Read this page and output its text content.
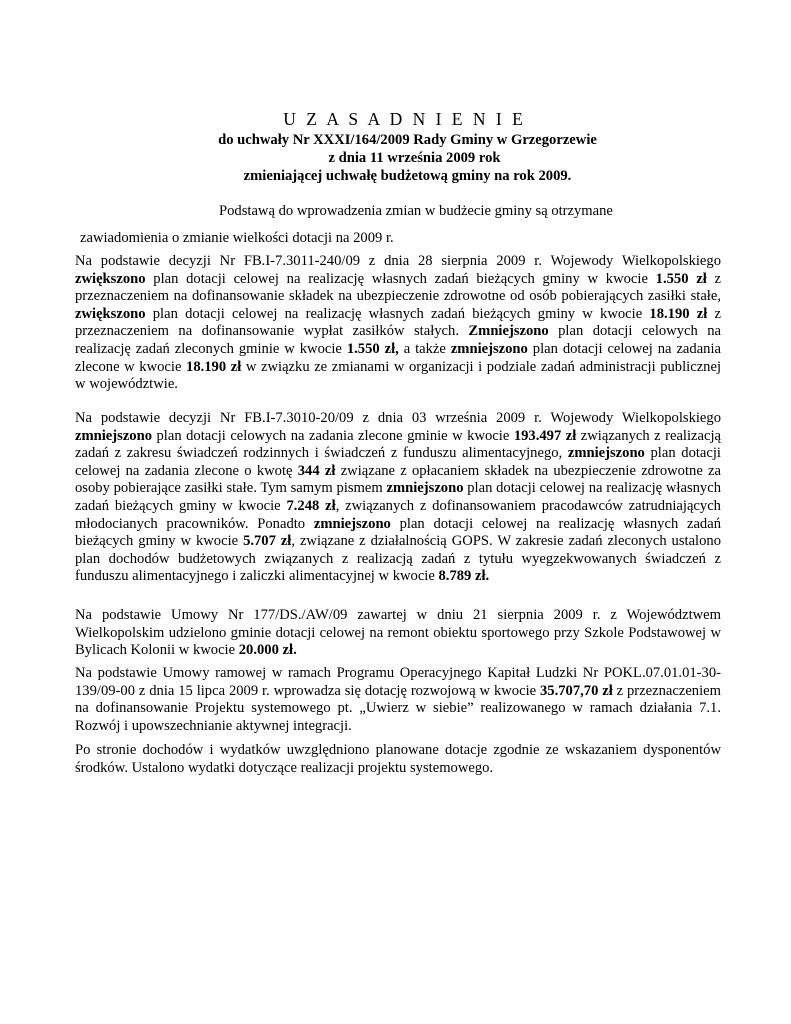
U Z A S A D N I E N I E
do uchwały Nr XXXI/164/2009 Rady Gminy w Grzegorzewie
z dnia 11 września 2009 rok
zmieniającej uchwałę budżetową gminy na rok 2009.
Podstawą do wprowadzenia zmian w budżecie gminy są otrzymane
zawiadomienia o zmianie wielkości dotacji na 2009 r.

Na podstawie decyzji Nr FB.I-7.3011-240/09 z dnia 28 sierpnia 2009 r. Wojewody Wielkopolskiego zwiększono plan dotacji celowej na realizację własnych zadań bieżących gminy w kwocie 1.550 zł z przeznaczeniem na dofinansowanie składek na ubezpieczenie zdrowotne od osób pobierających zasiłki stałe, zwiększono plan dotacji celowej na realizację własnych zadań bieżących gminy w kwocie 18.190 zł z przeznaczeniem na dofinansowanie wypłat zasiłków stałych. Zmniejszono plan dotacji celowych na realizację zadań zleconych gminie w kwocie 1.550 zł, a także zmniejszono plan dotacji celowej na zadania zlecone w kwocie 18.190 zł w związku ze zmianami w organizacji i podziale zadań administracji publicznej w województwie.

Na podstawie decyzji Nr FB.I-7.3010-20/09 z dnia 03 września 2009 r. Wojewody Wielkopolskiego zmniejszono plan dotacji celowych na zadania zlecone gminie w kwocie 193.497 zł związanych z realizacją zadań z zakresu świadczeń rodzinnych i świadczeń z funduszu alimentacyjnego, zmniejszono plan dotacji celowej na zadania zlecone o kwotę 344 zł związane z opłacaniem składek na ubezpieczenie zdrowotne za osoby pobierające zasiłki stałe. Tym samym pismem zmniejszono plan dotacji celowej na realizację własnych zadań bieżących gminy w kwocie 7.248 zł, związanych z dofinansowaniem pracodawców zatrudniających młodocianych pracowników. Ponadto zmniejszono plan dotacji celowej na realizację własnych zadań bieżących gminy w kwocie 5.707 zł, związane z działalnością GOPS. W zakresie zadań zleconych ustalono plan dochodów budżetowych związanych z realizacją zadań z tytułu wyegzekwowanych świadczeń z funduszu alimentacyjnego i zaliczki alimentacyjnej w kwocie 8.789 zł.

Na podstawie Umowy Nr 177/DS./AW/09 zawartej w dniu 21 sierpnia 2009 r. z Województwem Wielkopolskim udzielono gminie dotacji celowej na remont obiektu sportowego przy Szkole Podstawowej w Bylicach Kolonii w kwocie 20.000 zł.

Na podstawie Umowy ramowej w ramach Programu Operacyjnego Kapitał Ludzki Nr POKL.07.01.01-30-139/09-00 z dnia 15 lipca 2009 r. wprowadza się dotację rozwojową w kwocie 35.707,70 zł z przeznaczeniem na dofinansowanie Projektu systemowego pt. „Uwierz w siebie” realizowanego w ramach działania 7.1. Rozwój i upowszechnianie aktywnej integracji.

Po stronie dochodów i wydatków uwzględniono planowane dotacje zgodnie ze wskazaniem dysponentów środków. Ustalono wydatki dotyczące realizacji projektu systemowego.
